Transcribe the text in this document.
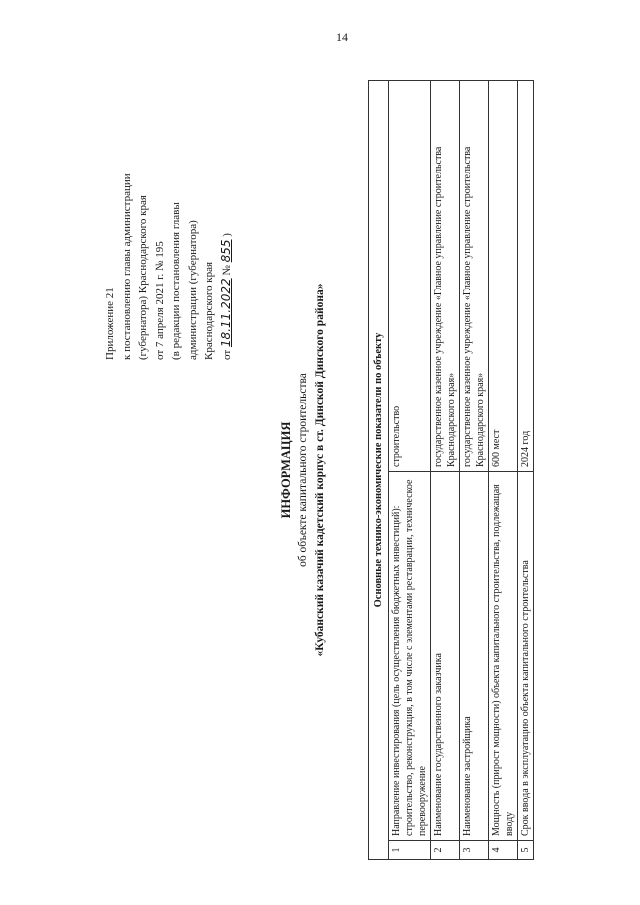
14
Приложение 21 к постановлению главы администрации (губернатора) Краснодарского края от 7 апреля 2021 г. № 195 (в редакции постановления главы администрации (губернатора) Краснодарского края от 18.11.2022 № 855 )
ИНФОРМАЦИЯ об объекте капитального строительства «Кубанский казачий кадетский корпус в ст. Динской Динского района»	Основные технико-экономические показатели по объекту		
1	Направление инвестирования (цель осуществления бюджетных инвестиций): строительство, реконструкция, в том числе с элементами реставрации, техническое перевооружение	строительство
2	Наименование государственного заказчика	государственное казенное учреждение «Главное управление строительства Краснодарского края»
3	Наименование застройщика	государственное казенное учреждение «Главное управление строительства Краснодарского края»
4	Мощность (прирост мощности) объекта капитального строительства, подлежащая вводу	600 мест
5	Срок ввода в эксплуатацию объекта капитального строительства	2024 год
